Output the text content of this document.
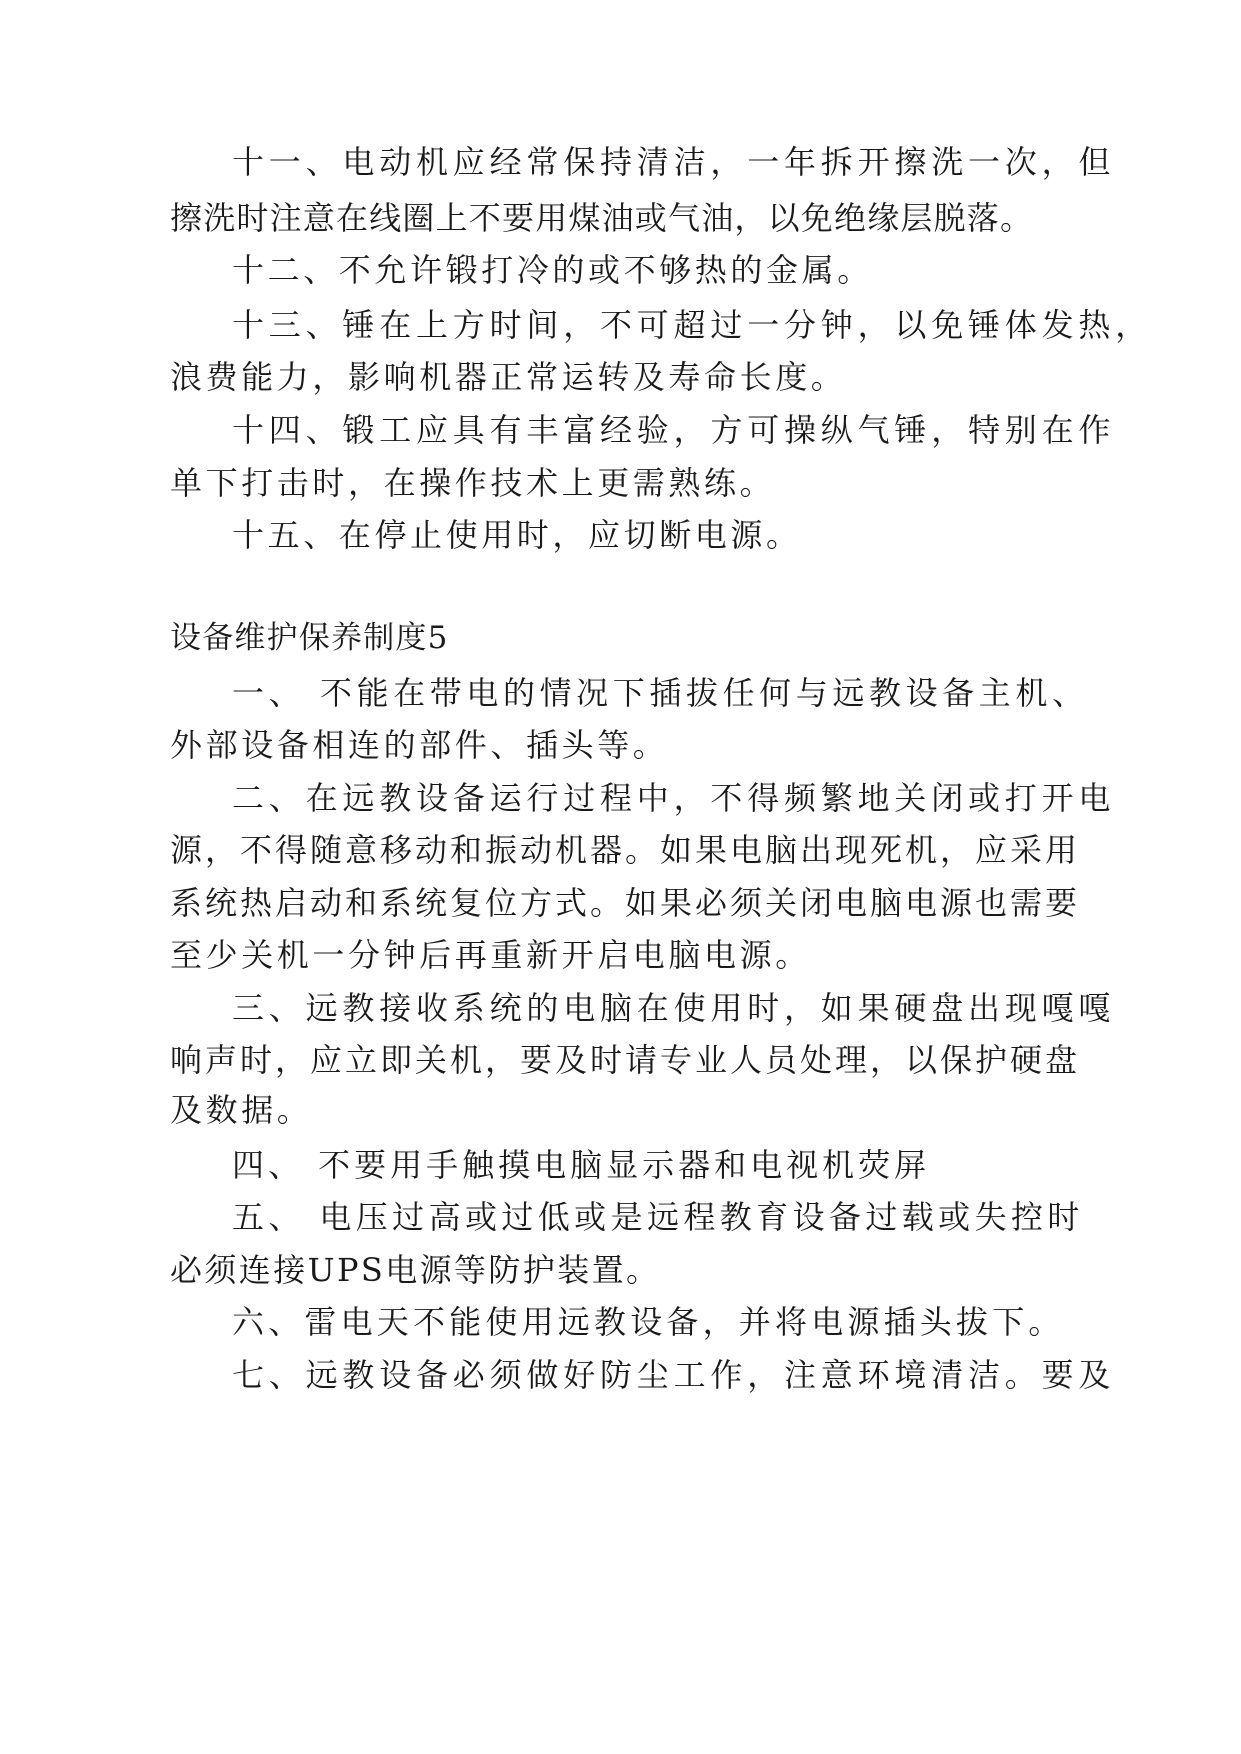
十一、电动机应经常保持清洁，一年拆开擦洗一次，但

擦洗时注意在线圈上不要用煤油或气油，以免绝缘层脱落。

十二、不允许锻打冷的或不够热的金属。

十三、锤在上方时间，不可超过一分钟，以免锤体发热，

浪费能力，影响机器正常运转及寿命长度。

十四、锻工应具有丰富经验，方可操纵气锤，特别在作

单下打击时，在操作技术上更需熟练。

十五、在停止使用时，应切断电源。

设备维护保养制度5

一、 不能在带电的情况下插拔任何与远教设备主机、

外部设备相连的部件、插头等。

二、在远教设备运行过程中，不得频繁地关闭或打开电

源，不得随意移动和振动机器。如果电脑出现死机，应采用

系统热启动和系统复位方式。如果必须关闭电脑电源也需要

至少关机一分钟后再重新开启电脑电源。

三、远教接收系统的电脑在使用时，如果硬盘出现嘎嘎

响声时，应立即关机，要及时请专业人员处理，以保护硬盘

及数据。

四、 不要用手触摸电脑显示器和电视机荧屏

五、 电压过高或过低或是远程教育设备过载或失控时

必须连接UPS电源等防护装置。

六、雷电天不能使用远教设备，并将电源插头拔下。

七、远教设备必须做好防尘工作，注意环境清洁。要及
